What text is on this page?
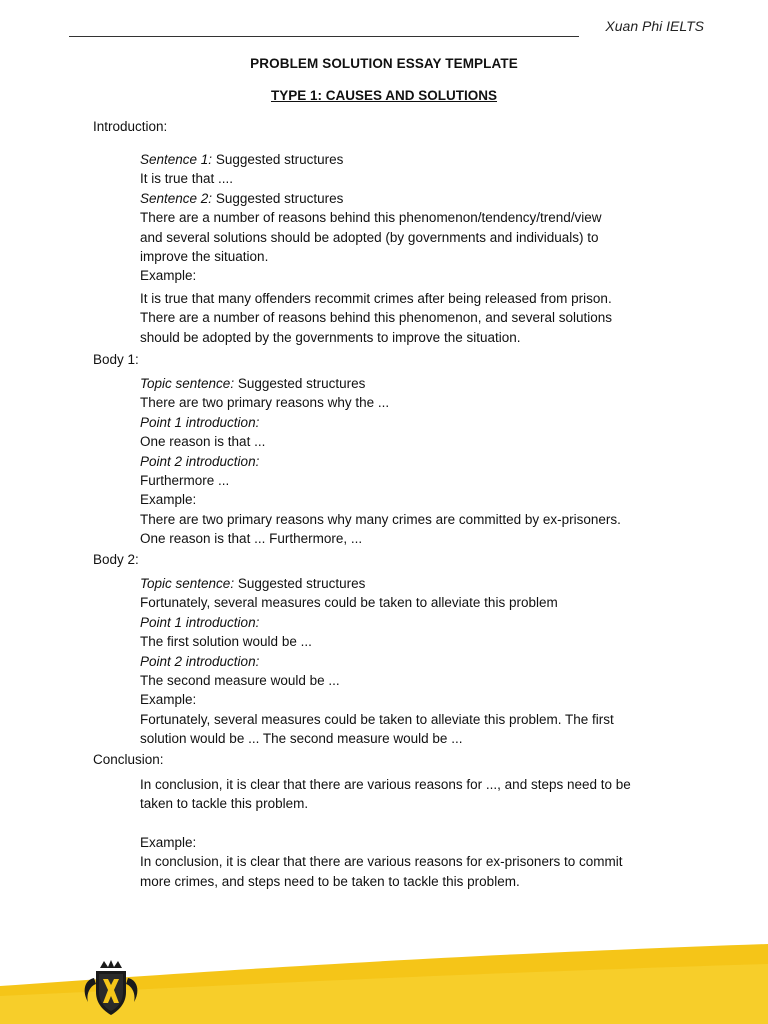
Xuan Phi IELTS
PROBLEM SOLUTION ESSAY TEMPLATE
TYPE 1: CAUSES AND SOLUTIONS
Introduction:
Sentence 1: Suggested structures
It is true that ....
Sentence 2: Suggested structures
There are a number of reasons behind this phenomenon/tendency/trend/view
and several solutions should be adopted (by governments and individuals) to
improve the situation.
Example:
It is true that many offenders recommit crimes after being released from prison.
There are a number of reasons behind this phenomenon, and several solutions
should be adopted by the governments to improve the situation.
Body 1:
Topic sentence: Suggested structures
There are two primary reasons why the ...
Point 1 introduction:
One reason is that ...
Point 2 introduction:
Furthermore ...
Example:
There are two primary reasons why many crimes are committed by ex-prisoners.
One reason is that ... Furthermore, ...
Body 2:
Topic sentence: Suggested structures
Fortunately, several measures could be taken to alleviate this problem
Point 1 introduction:
The first solution would be ...
Point 2 introduction:
The second measure would be ...
Example:
Fortunately, several measures could be taken to alleviate this problem. The first
solution would be ... The second measure would be ...
Conclusion:
In conclusion, it is clear that there are various reasons for ..., and steps need to be
taken to tackle this problem.
Example:
In conclusion, it is clear that there are various reasons for ex-prisoners to commit
more crimes, and steps need to be taken to tackle this problem.
